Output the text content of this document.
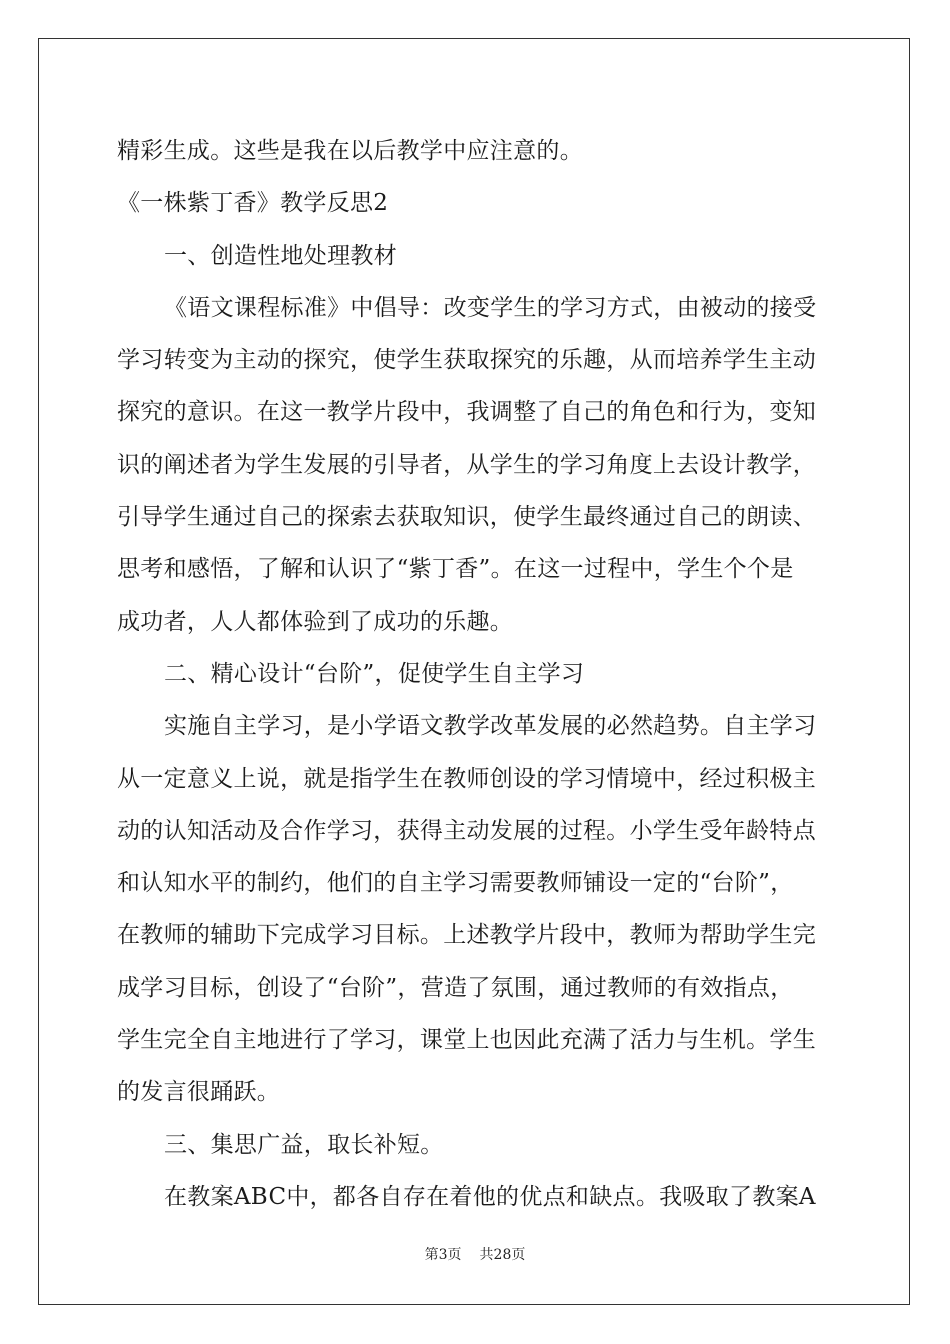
精彩生成。这些是我在以后教学中应注意的。
《一株紫丁香》教学反思2
一、创造性地处理教材
《语文课程标准》中倡导：改变学生的学习方式，由被动的接受
学习转变为主动的探究，使学生获取探究的乐趣，从而培养学生主动
探究的意识。在这一教学片段中，我调整了自己的角色和行为，变知
识的阐述者为学生发展的引导者，从学生的学习角度上去设计教学，
引导学生通过自己的探索去获取知识，使学生最终通过自己的朗读、
思考和感悟，了解和认识了“紫丁香”。在这一过程中，学生个个是
成功者，人人都体验到了成功的乐趣。
二、精心设计“台阶”，促使学生自主学习
实施自主学习，是小学语文教学改革发展的必然趋势。自主学习
从一定意义上说，就是指学生在教师创设的学习情境中，经过积极主
动的认知活动及合作学习，获得主动发展的过程。小学生受年龄特点
和认知水平的制约，他们的自主学习需要教师铺设一定的“台阶”，
在教师的辅助下完成学习目标。上述教学片段中，教师为帮助学生完
成学习目标，创设了“台阶”，营造了氛围，通过教师的有效指点，
学生完全自主地进行了学习，课堂上也因此充满了活力与生机。学生
的发言很踊跃。
三、集思广益，取长补短。
在教案ABC中，都各自存在着他的优点和缺点。我吸取了教案A
第3页 共28页
